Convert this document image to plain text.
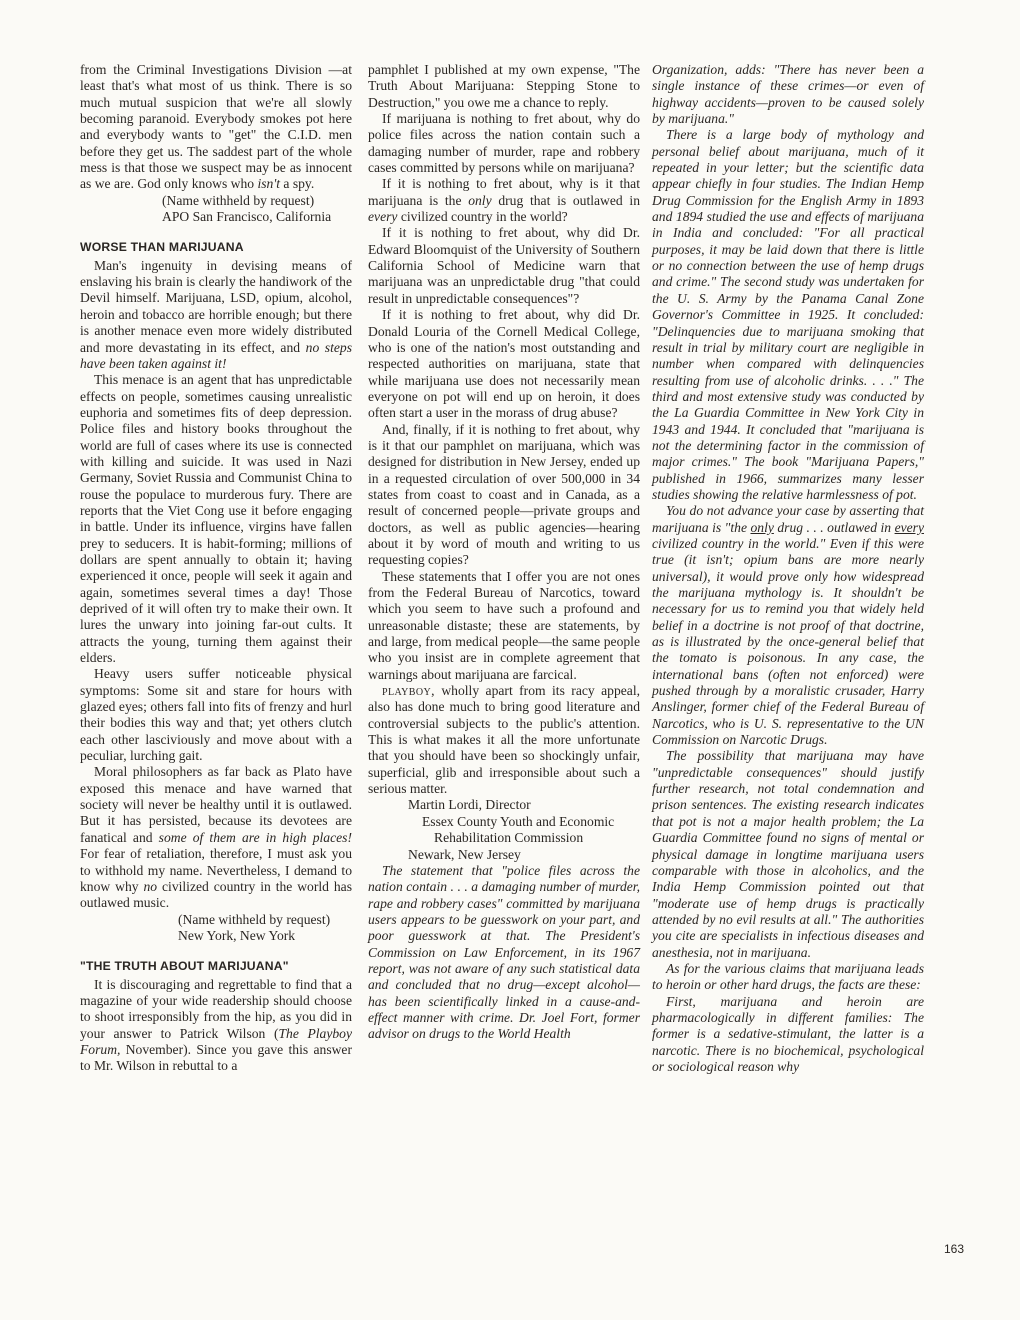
from the Criminal Investigations Division —at least that's what most of us think. There is so much mutual suspicion that we're all slowly becoming paranoid. Everybody smokes pot here and everybody wants to "get" the C.I.D. men before they get us. The saddest part of the whole mess is that those we suspect may be as innocent as we are. God only knows who isn't a spy.

(Name withheld by request)

APO San Francisco, California

WORSE THAN MARIJUANA

Man's ingenuity in devising means of enslaving his brain is clearly the handiwork of the Devil himself. Marijuana, LSD, opium, alcohol, heroin and tobacco are horrible enough; but there is another menace even more widely distributed and more devastating in its effect, and no steps have been taken against it!

This menace is an agent that has unpredictable effects on people, sometimes causing unrealistic euphoria and sometimes fits of deep depression. Police files and history books throughout the world are full of cases where its use is connected with killing and suicide. It was used in Nazi Germany, Soviet Russia and Communist China to rouse the populace to murderous fury. There are reports that the Viet Cong use it before engaging in battle. Under its influence, virgins have fallen prey to seducers. It is habit-forming; millions of dollars are spent annually to obtain it; having experienced it once, people will seek it again and again, sometimes several times a day! Those deprived of it will often try to make their own. It lures the unwary into joining far-out cults. It attracts the young, turning them against their elders.

Heavy users suffer noticeable physical symptoms: Some sit and stare for hours with glazed eyes; others fall into fits of frenzy and hurl their bodies this way and that; yet others clutch each other lasciviously and move about with a peculiar, lurching gait.

Moral philosophers as far back as Plato have exposed this menace and have warned that society will never be healthy until it is outlawed. But it has persisted, because its devotees are fanatical and some of them are in high places! For fear of retaliation, therefore, I must ask you to withhold my name. Nevertheless, I demand to know why no civilized country in the world has outlawed music.

(Name withheld by request)

New York, New York

"THE TRUTH ABOUT MARIJUANA"

It is discouraging and regrettable to find that a magazine of your wide readership should choose to shoot irresponsibly from the hip, as you did in your answer to Patrick Wilson (The Playboy Forum, November). Since you gave this answer to Mr. Wilson in rebuttal to a

pamphlet I published at my own expense, "The Truth About Marijuana: Stepping Stone to Destruction," you owe me a chance to reply.

If marijuana is nothing to fret about, why do police files across the nation contain such a damaging number of murder, rape and robbery cases committed by persons while on marijuana?

If it is nothing to fret about, why is it that marijuana is the only drug that is outlawed in every civilized country in the world?

If it is nothing to fret about, why did Dr. Edward Bloomquist of the University of Southern California School of Medicine warn that marijuana was an unpredictable drug "that could result in unpredictable consequences"?

If it is nothing to fret about, why did Dr. Donald Louria of the Cornell Medical College, who is one of the nation's most outstanding and respected authorities on marijuana, state that while marijuana use does not necessarily mean everyone on pot will end up on heroin, it does often start a user in the morass of drug abuse?

And, finally, if it is nothing to fret about, why is it that our pamphlet on marijuana, which was designed for distribution in New Jersey, ended up in a requested circulation of over 500,000 in 34 states from coast to coast and in Canada, as a result of concerned people—private groups and doctors, as well as public agencies—hearing about it by word of mouth and writing to us requesting copies?

These statements that I offer you are not ones from the Federal Bureau of Narcotics, toward which you seem to have such a profound and unreasonable distaste; these are statements, by and large, from medical people—the same people who you insist are in complete agreement that warnings about marijuana are farcical.

playboy, wholly apart from its racy appeal, also has done much to bring good literature and controversial subjects to the public's attention. This is what makes it all the more unfortunate that you should have been so shockingly unfair, superficial, glib and irresponsible about such a serious matter.

Martin Lordi, Director

Essex County Youth and Economic

Rehabilitation Commission

Newark, New Jersey

The statement that "police files across the nation contain . . . a damaging number of murder, rape and robbery cases" committed by marijuana users appears to be guesswork on your part, and poor guesswork at that. The President's Commission on Law Enforcement, in its 1967 report, was not aware of any such statistical data and concluded that no drug—except alcohol—has been scientifically linked in a cause-and-effect manner with crime. Dr. Joel Fort, former advisor on drugs to the World Health

Organization, adds: "There has never been a single instance of these crimes—or even of highway accidents—proven to be caused solely by marijuana."

There is a large body of mythology and personal belief about marijuana, much of it repeated in your letter; but the scientific data appear chiefly in four studies. The Indian Hemp Drug Commission for the English Army in 1893 and 1894 studied the use and effects of marijuana in India and concluded: "For all practical purposes, it may be laid down that there is little or no connection between the use of hemp drugs and crime." The second study was undertaken for the U. S. Army by the Panama Canal Zone Governor's Committee in 1925. It concluded: "Delinquencies due to marijuana smoking that result in trial by military court are negligible in number when compared with delinquencies resulting from use of alcoholic drinks. . . ." The third and most extensive study was conducted by the La Guardia Committee in New York City in 1943 and 1944. It concluded that "marijuana is not the determining factor in the commission of major crimes." The book "Marijuana Papers," published in 1966, summarizes many lesser studies showing the relative harmlessness of pot.

You do not advance your case by asserting that marijuana is "the only drug . . . outlawed in every civilized country in the world." Even if this were true (it isn't; opium bans are more nearly universal), it would prove only how widespread the marijuana mythology is. It shouldn't be necessary for us to remind you that widely held belief in a doctrine is not proof of that doctrine, as is illustrated by the once-general belief that the tomato is poisonous. In any case, the international bans (often not enforced) were pushed through by a moralistic crusader, Harry Anslinger, former chief of the Federal Bureau of Narcotics, who is U. S. representative to the UN Commission on Narcotic Drugs.

The possibility that marijuana may have "unpredictable consequences" should justify further research, not total condemnation and prison sentences. The existing research indicates that pot is not a major health problem; the La Guardia Committee found no signs of mental or physical damage in longtime marijuana users comparable with those in alcoholics, and the India Hemp Commission pointed out that "moderate use of hemp drugs is practically attended by no evil results at all." The authorities you cite are specialists in infectious diseases and anesthesia, not in marijuana.

As for the various claims that marijuana leads to heroin or other hard drugs, the facts are these:

First, marijuana and heroin are pharmacologically in different families: The former is a sedative-stimulant, the latter is a narcotic. There is no biochemical, psychological or sociological reason why

163
